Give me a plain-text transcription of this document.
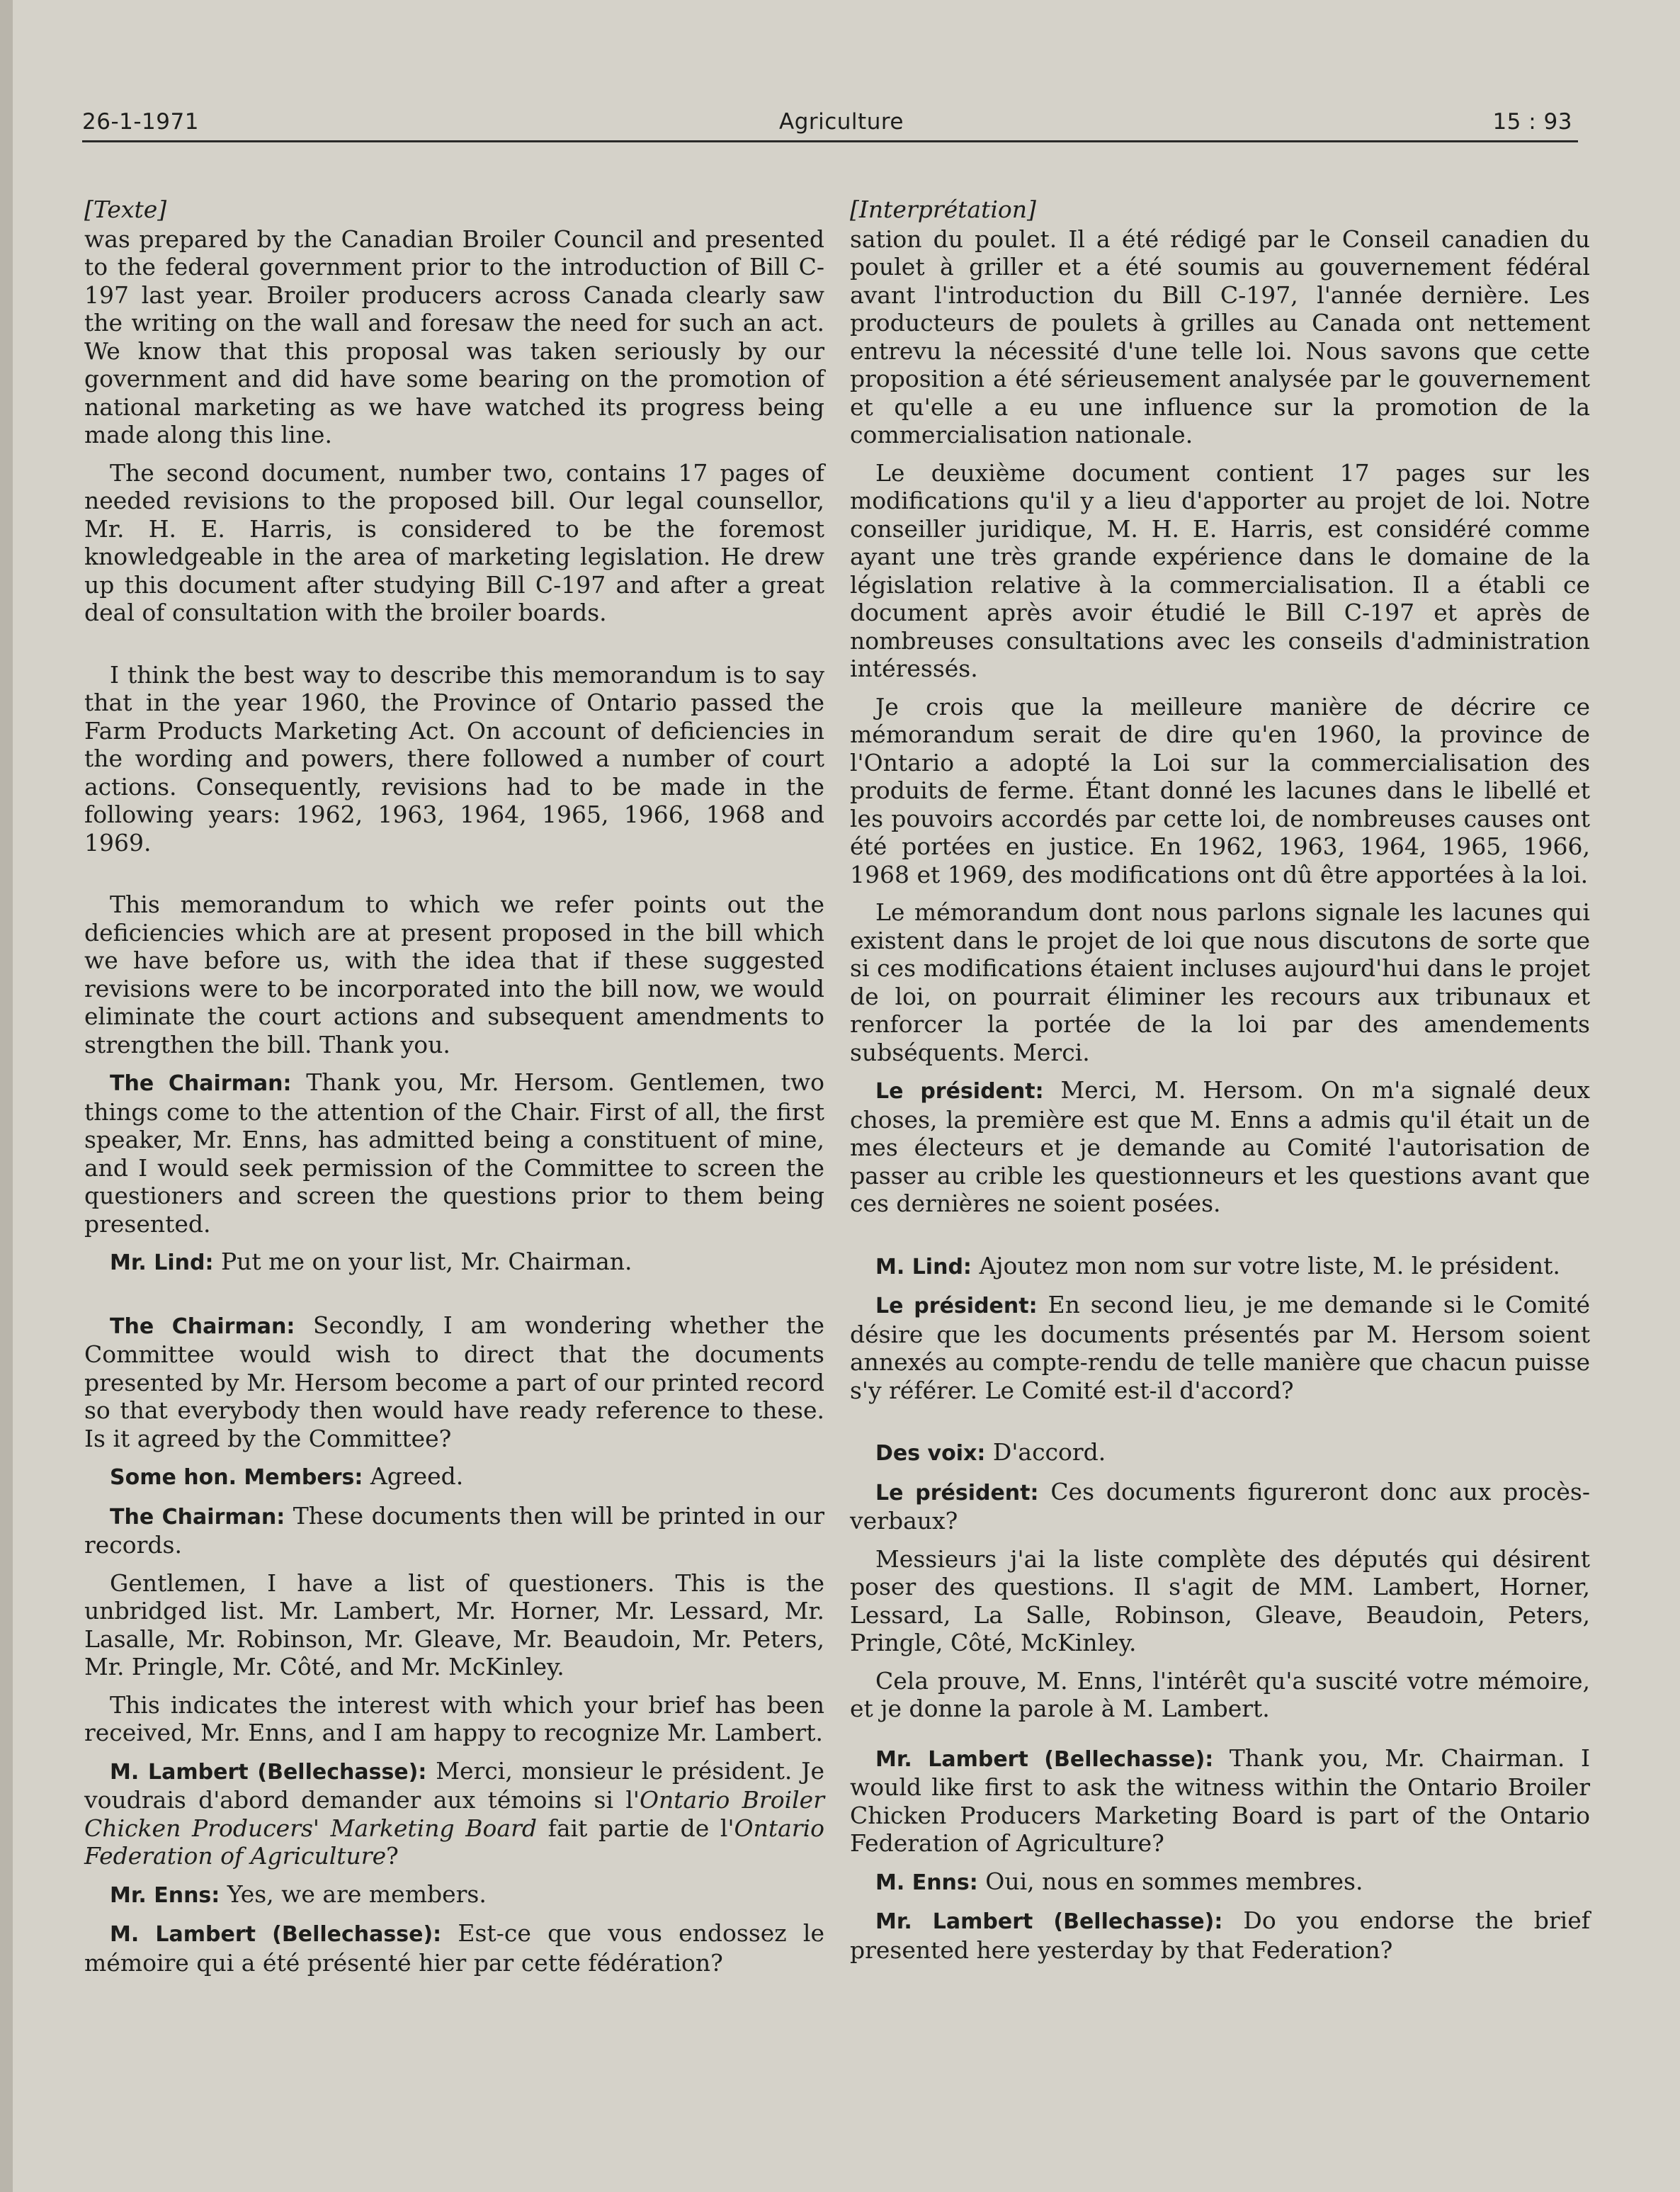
26-1-1971	Agriculture	15 : 93
[Texte]

was prepared by the Canadian Broiler Council and presented to the federal government prior to the introduction of Bill C-197 last year. Broiler producers across Canada clearly saw the writing on the wall and foresaw the need for such an act. We know that this proposal was taken seriously by our government and did have some bearing on the promotion of national marketing as we have watched its progress being made along this line.

The second document, number two, contains 17 pages of needed revisions to the proposed bill. Our legal counsellor, Mr. H. E. Harris, is considered to be the foremost knowledgeable in the area of marketing legislation. He drew up this document after studying Bill C-197 and after a great deal of consultation with the broiler boards.

I think the best way to describe this memorandum is to say that in the year 1960, the Province of Ontario passed the Farm Products Marketing Act. On account of deficiencies in the wording and powers, there followed a number of court actions. Consequently, revisions had to be made in the following years: 1962, 1963, 1964, 1965, 1966, 1968 and 1969.

This memorandum to which we refer points out the deficiencies which are at present proposed in the bill which we have before us, with the idea that if these suggested revisions were to be incorporated into the bill now, we would eliminate the court actions and subsequent amendments to strengthen the bill. Thank you.

The Chairman: Thank you, Mr. Hersom. Gentlemen, two things come to the attention of the Chair. First of all, the first speaker, Mr. Enns, has admitted being a constituent of mine, and I would seek permission of the Committee to screen the questioners and screen the questions prior to them being presented.

Mr. Lind: Put me on your list, Mr. Chairman.

The Chairman: Secondly, I am wondering whether the Committee would wish to direct that the documents presented by Mr. Hersom become a part of our printed record so that everybody then would have ready reference to these. Is it agreed by the Committee?

Some hon. Members: Agreed.

The Chairman: These documents then will be printed in our records.

Gentlemen, I have a list of questioners. This is the unbridged list. Mr. Lambert, Mr. Horner, Mr. Lessard, Mr. Lasalle, Mr. Robinson, Mr. Gleave, Mr. Beaudoin, Mr. Peters, Mr. Pringle, Mr. Côté, and Mr. McKinley.

This indicates the interest with which your brief has been received, Mr. Enns, and I am happy to recognize Mr. Lambert.

M. Lambert (Bellechasse): Merci, monsieur le président. Je voudrais d'abord demander aux témoins si l'Ontario Broiler Chicken Producers' Marketing Board fait partie de l'Ontario Federation of Agriculture?

Mr. Enns: Yes, we are members.

M. Lambert (Bellechasse): Est-ce que vous endossez le mémoire qui a été présenté hier par cette fédération?

[Interprétation]

sation du poulet. Il a été rédigé par le Conseil canadien du poulet à griller et a été soumis au gouvernement fédéral avant l'introduction du Bill C-197, l'année dernière. Les producteurs de poulets à grilles au Canada ont nettement entrevu la nécessité d'une telle loi. Nous savons que cette proposition a été sérieusement analysée par le gouvernement et qu'elle a eu une influence sur la promotion de la commercialisation nationale.

Le deuxième document contient 17 pages sur les modifications qu'il y a lieu d'apporter au projet de loi. Notre conseiller juridique, M. H. E. Harris, est considéré comme ayant une très grande expérience dans le domaine de la législation relative à la commercialisation. Il a établi ce document après avoir étudié le Bill C-197 et après de nombreuses consultations avec les conseils d'administration intéressés.

Je crois que la meilleure manière de décrire ce mémorandum serait de dire qu'en 1960, la province de l'Ontario a adopté la Loi sur la commercialisation des produits de ferme. Étant donné les lacunes dans le libellé et les pouvoirs accordés par cette loi, de nombreuses causes ont été portées en justice. En 1962, 1963, 1964, 1965, 1966, 1968 et 1969, des modifications ont dû être apportées à la loi.

Le mémorandum dont nous parlons signale les lacunes qui existent dans le projet de loi que nous discutons de sorte que si ces modifications étaient incluses aujourd'hui dans le projet de loi, on pourrait éliminer les recours aux tribunaux et renforcer la portée de la loi par des amendements subséquents. Merci.

Le président: Merci, M. Hersom. On m'a signalé deux choses, la première est que M. Enns a admis qu'il était un de mes électeurs et je demande au Comité l'autorisation de passer au crible les questionneurs et les questions avant que ces dernières ne soient posées.

M. Lind: Ajoutez mon nom sur votre liste, M. le président.

Le président: En second lieu, je me demande si le Comité désire que les documents présentés par M. Hersom soient annexés au compte-rendu de telle manière que chacun puisse s'y référer. Le Comité est-il d'accord?

Des voix: D'accord.

Le président: Ces documents figureront donc aux procès-verbaux?

Messieurs j'ai la liste complète des députés qui désirent poser des questions. Il s'agit de MM. Lambert, Horner, Lessard, La Salle, Robinson, Gleave, Beaudoin, Peters, Pringle, Côté, McKinley.

Cela prouve, M. Enns, l'intérêt qu'a suscité votre mémoire, et je donne la parole à M. Lambert.

Mr. Lambert (Bellechasse): Thank you, Mr. Chairman. I would like first to ask the witness within the Ontario Broiler Chicken Producers Marketing Board is part of the Ontario Federation of Agriculture?

M. Enns: Oui, nous en sommes membres.

Mr. Lambert (Bellechasse): Do you endorse the brief presented here yesterday by that Federation?
